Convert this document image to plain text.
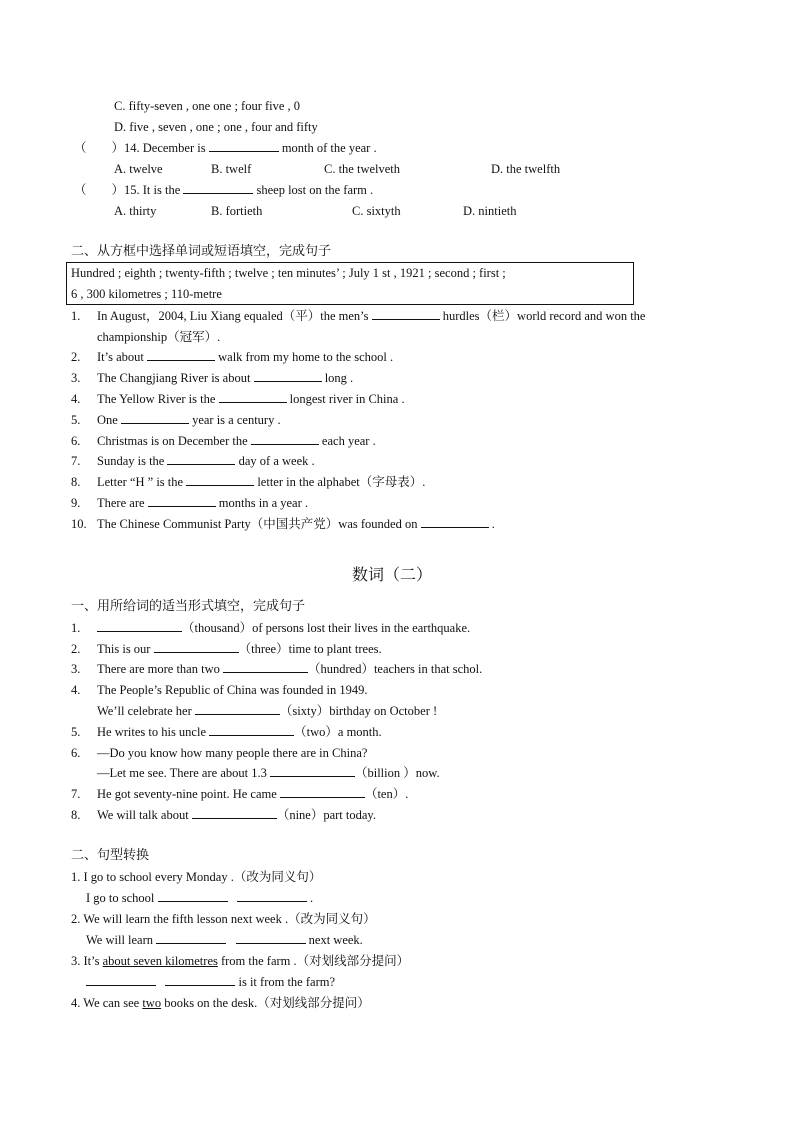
C. fifty-seven , one one ; four five , 0
D. five , seven , one ; one , four and fifty
（　　）14. December is	month of the year .
A. twelve	B. twelf	C. the twelveth	D. the twelfth
（　　）15. It is the	sheep lost on the farm .
A. thirty	B. fortieth	C. sixtyth	D. nintieth
二、从方框中选择单词或短语填空，完成句子
Hundred ; eighth ; twenty-fifth ; twelve ; ten minutes’ ; July 1 st , 1921 ; second ; first ;
6 , 300 kilometres ; 110-metre
1. In August，2004, Liu Xiang equaled（平）the men’s	hurdles（栏）world record and won the
championship（冠军）.
2. It’s about	walk from my home to the school .
3. The Changjiang River is about	long .
4. The Yellow River is the	longest river in China .
5. One	year is a century .
6. Christmas is on December the	each year .
7. Sunday is the	day of a week .
8. Letter “H ” is the	letter in the alphabet（字母表）.
9. There are	months in a year .
10. The Chinese Communist Party（中国共产党）was founded on	.
数词（二）
一、用所给词的适当形式填空，完成句子
1.	（thousand）of persons lost their lives in the earthquake.
2. This is our	（three）time to plant trees.
3. There are more than two	（hundred）teachers in that schol.
4. The People’s Republic of China was founded in 1949.
We’ll celebrate her	（sixty）birthday on October !
5. He writes to his uncle	（two）a month.
6. —Do you know how many people there are in China?
—Let me see. There are about 1.3	（billion ）now.
7. He got seventy-nine point. He came	（ten）.
8. We will talk about	（nine）part today.
二、句型转换
1. I go to school every Monday .（改为同义句）
I go to school	.
2. We will learn the fifth lesson next week .（改为同义句）
We will learn	next week.
3. It’s about seven kilometres from the farm .（对划线部分提问）
is it from the farm?
4. We can see two books on the desk.（对划线部分提问）
